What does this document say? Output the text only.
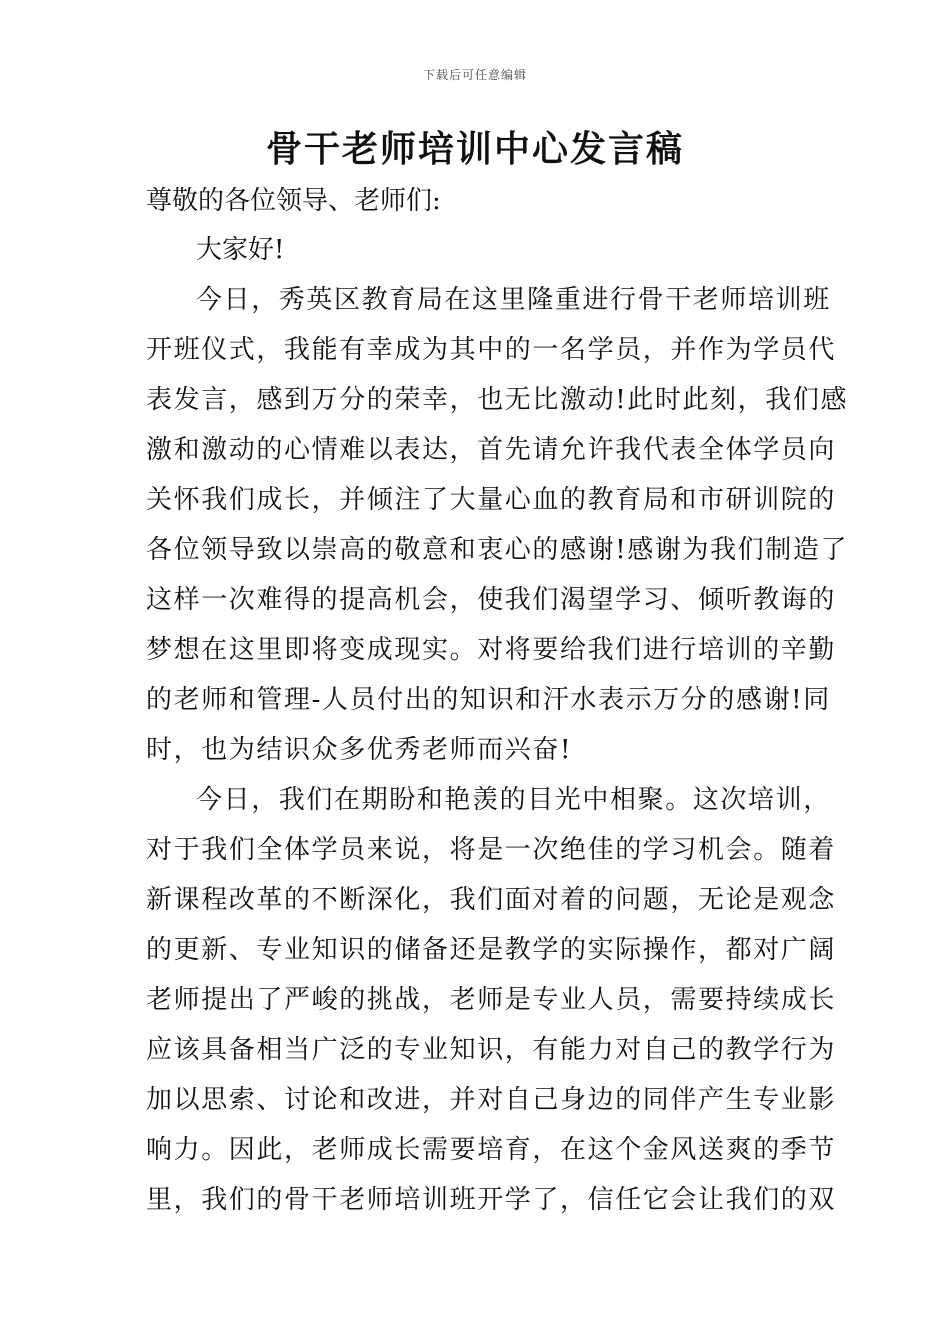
下载后可任意编辑
骨干老师培训中心发言稿

尊敬的各位领导、老师们:

大家好!

今日，秀英区教育局在这里隆重进行骨干老师培训班
开班仪式，我能有幸成为其中的一名学员，并作为学员代
表发言，感到万分的荣幸，也无比激动!此时此刻，我们感
激和激动的心情难以表达，首先请允许我代表全体学员向
关怀我们成长，并倾注了大量心血的教育局和市研训院的
各位领导致以崇高的敬意和衷心的感谢!感谢为我们制造了
这样一次难得的提高机会，使我们渴望学习、倾听教诲的
梦想在这里即将变成现实。对将要给我们进行培训的辛勤
的老师和管理-人员付出的知识和汗水表示万分的感谢!同
时，也为结识众多优秀老师而兴奋!
今日，我们在期盼和艳羡的目光中相聚。这次培训，
对于我们全体学员来说，将是一次绝佳的学习机会。随着
新课程改革的不断深化，我们面对着的问题，无论是观念
的更新、专业知识的储备还是教学的实际操作，都对广阔
老师提出了严峻的挑战，老师是专业人员，需要持续成长
应该具备相当广泛的专业知识，有能力对自己的教学行为
加以思索、讨论和改进，并对自己身边的同伴产生专业影
响力。因此，老师成长需要培育，在这个金风送爽的季节
里，我们的骨干老师培训班开学了，信任它会让我们的双
